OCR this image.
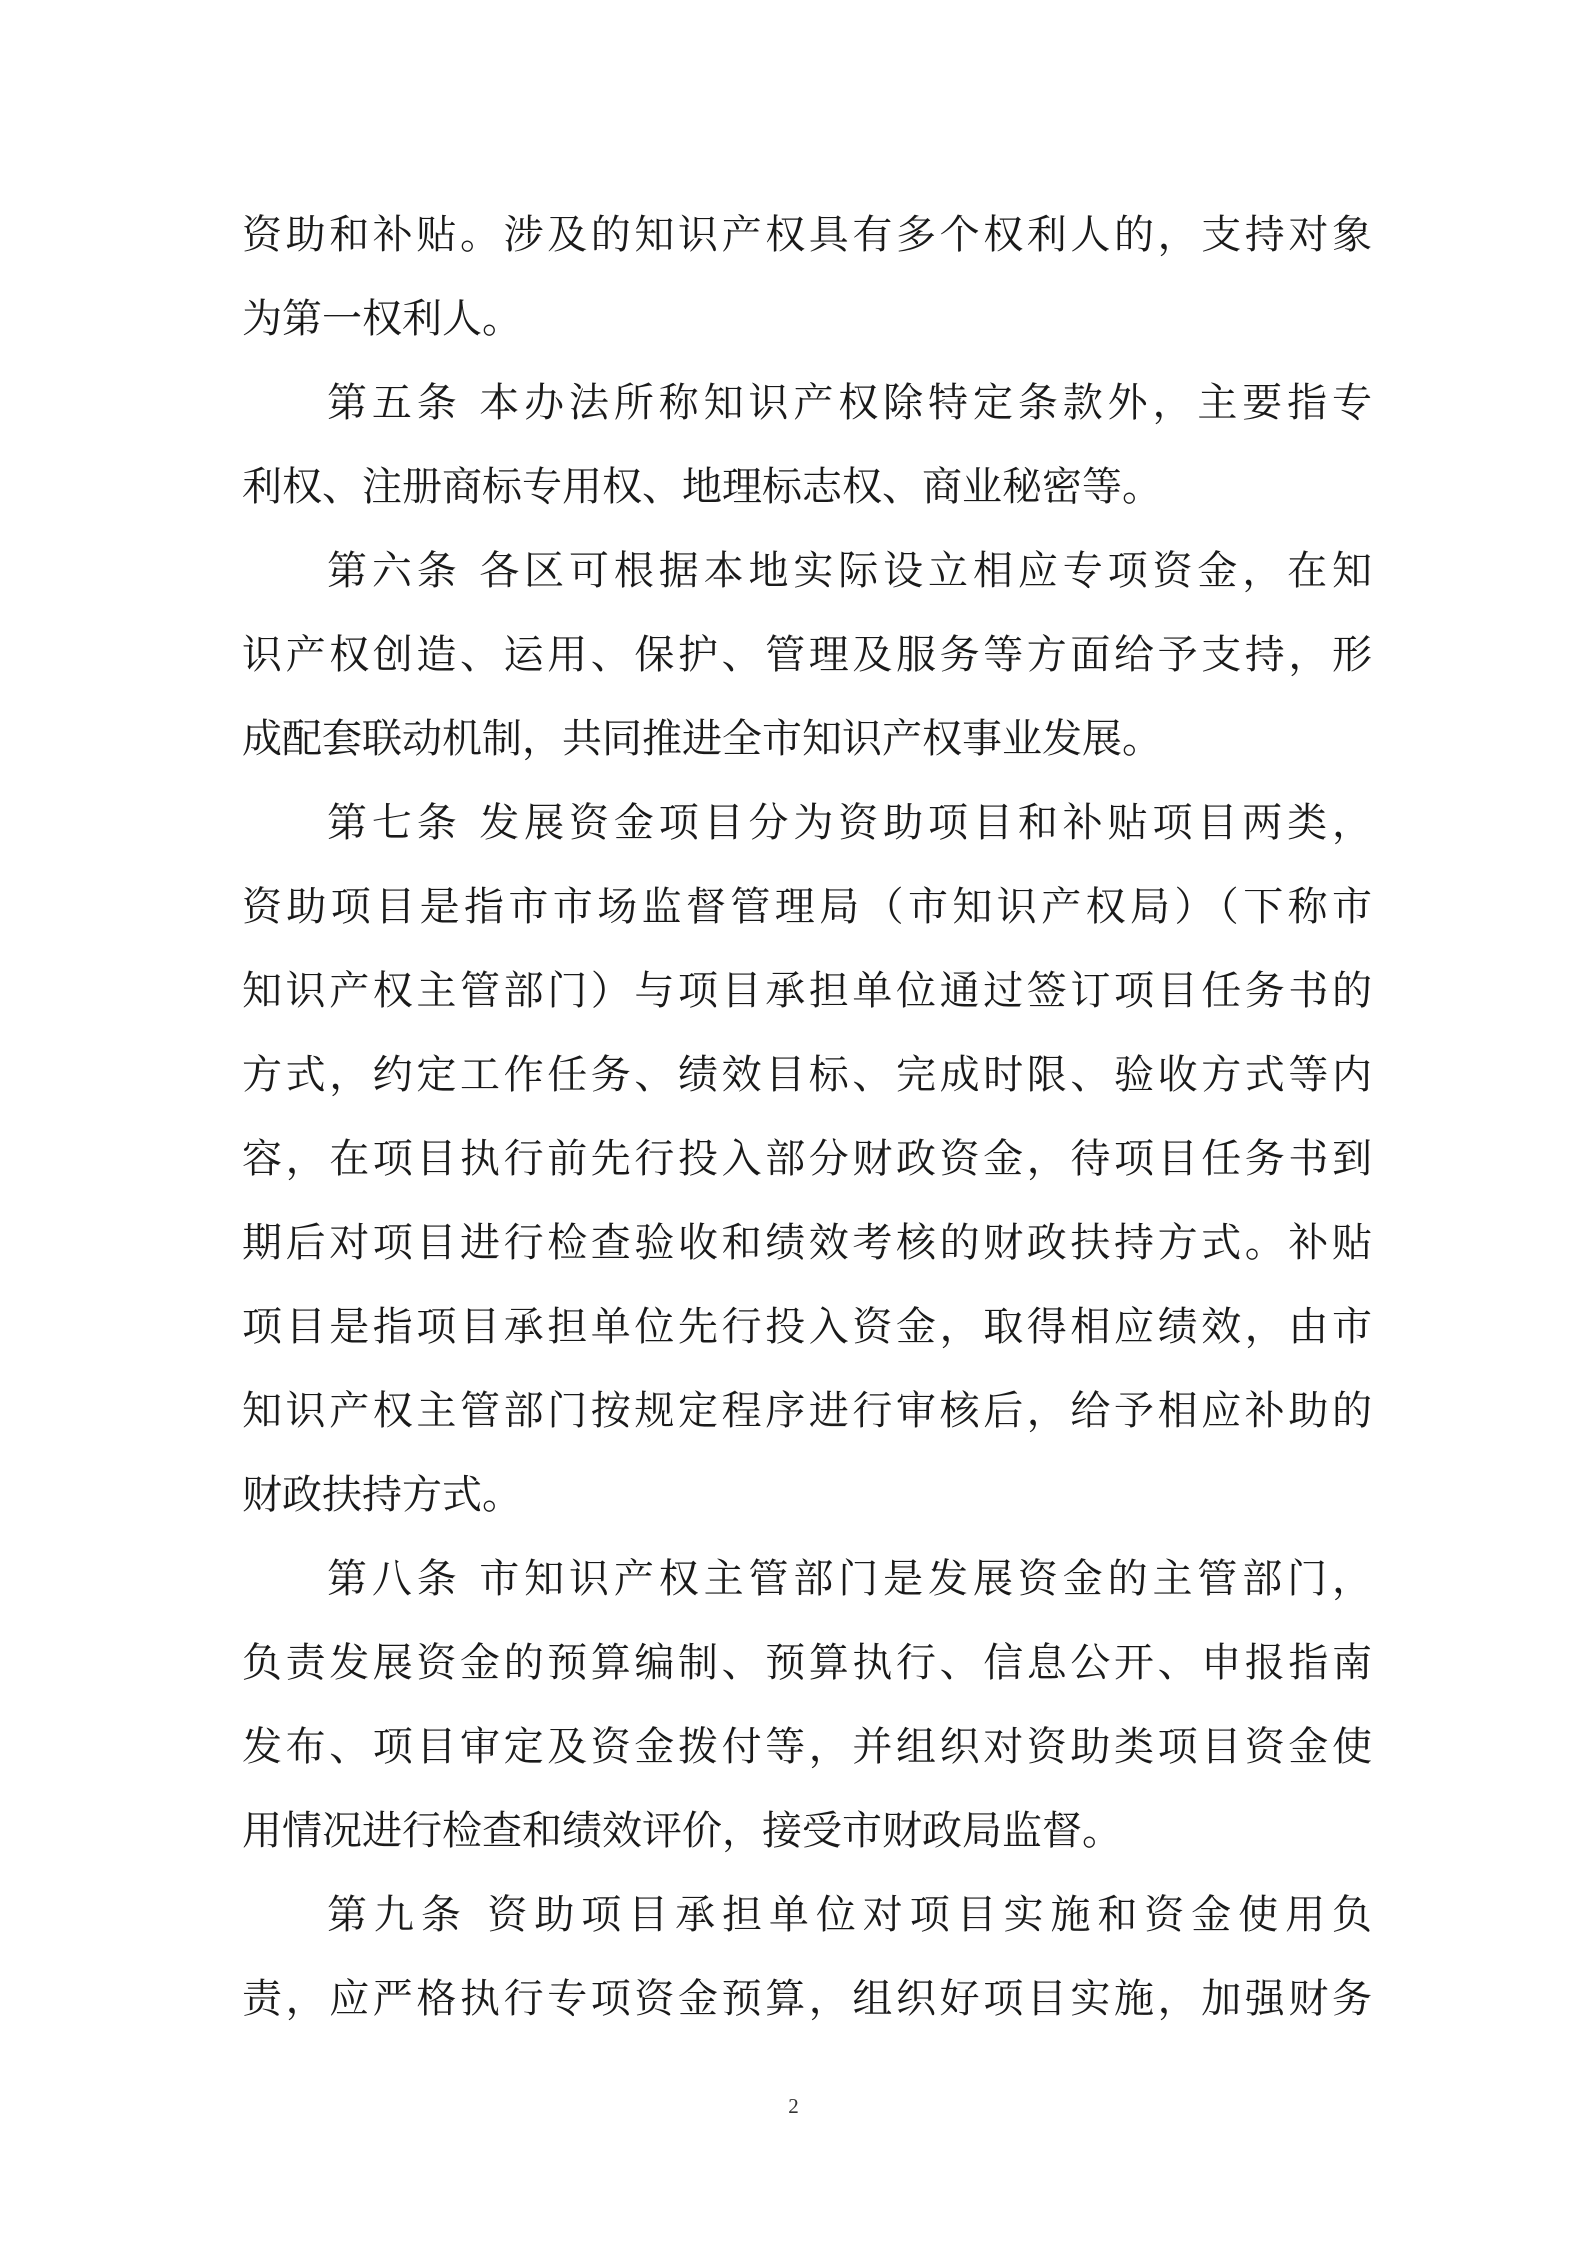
资助和补贴。涉及的知识产权具有多个权利人的，支持对象
为第一权利人。
第五条 本办法所称知识产权除特定条款外，主要指专
利权、注册商标专用权、地理标志权、商业秘密等。
第六条 各区可根据本地实际设立相应专项资金，在知
识产权创造、运用、保护、管理及服务等方面给予支持，形
成配套联动机制，共同推进全市知识产权事业发展。
第七条 发展资金项目分为资助项目和补贴项目两类，
资助项目是指市市场监督管理局（市知识产权局）（下称市
知识产权主管部门）与项目承担单位通过签订项目任务书的
方式，约定工作任务、绩效目标、完成时限、验收方式等内
容，在项目执行前先行投入部分财政资金，待项目任务书到
期后对项目进行检查验收和绩效考核的财政扶持方式。补贴
项目是指项目承担单位先行投入资金，取得相应绩效，由市
知识产权主管部门按规定程序进行审核后，给予相应补助的
财政扶持方式。
第八条 市知识产权主管部门是发展资金的主管部门，
负责发展资金的预算编制、预算执行、信息公开、申报指南
发布、项目审定及资金拨付等，并组织对资助类项目资金使
用情况进行检查和绩效评价，接受市财政局监督。
第九条 资助项目承担单位对项目实施和资金使用负
责，应严格执行专项资金预算，组织好项目实施，加强财务
2
